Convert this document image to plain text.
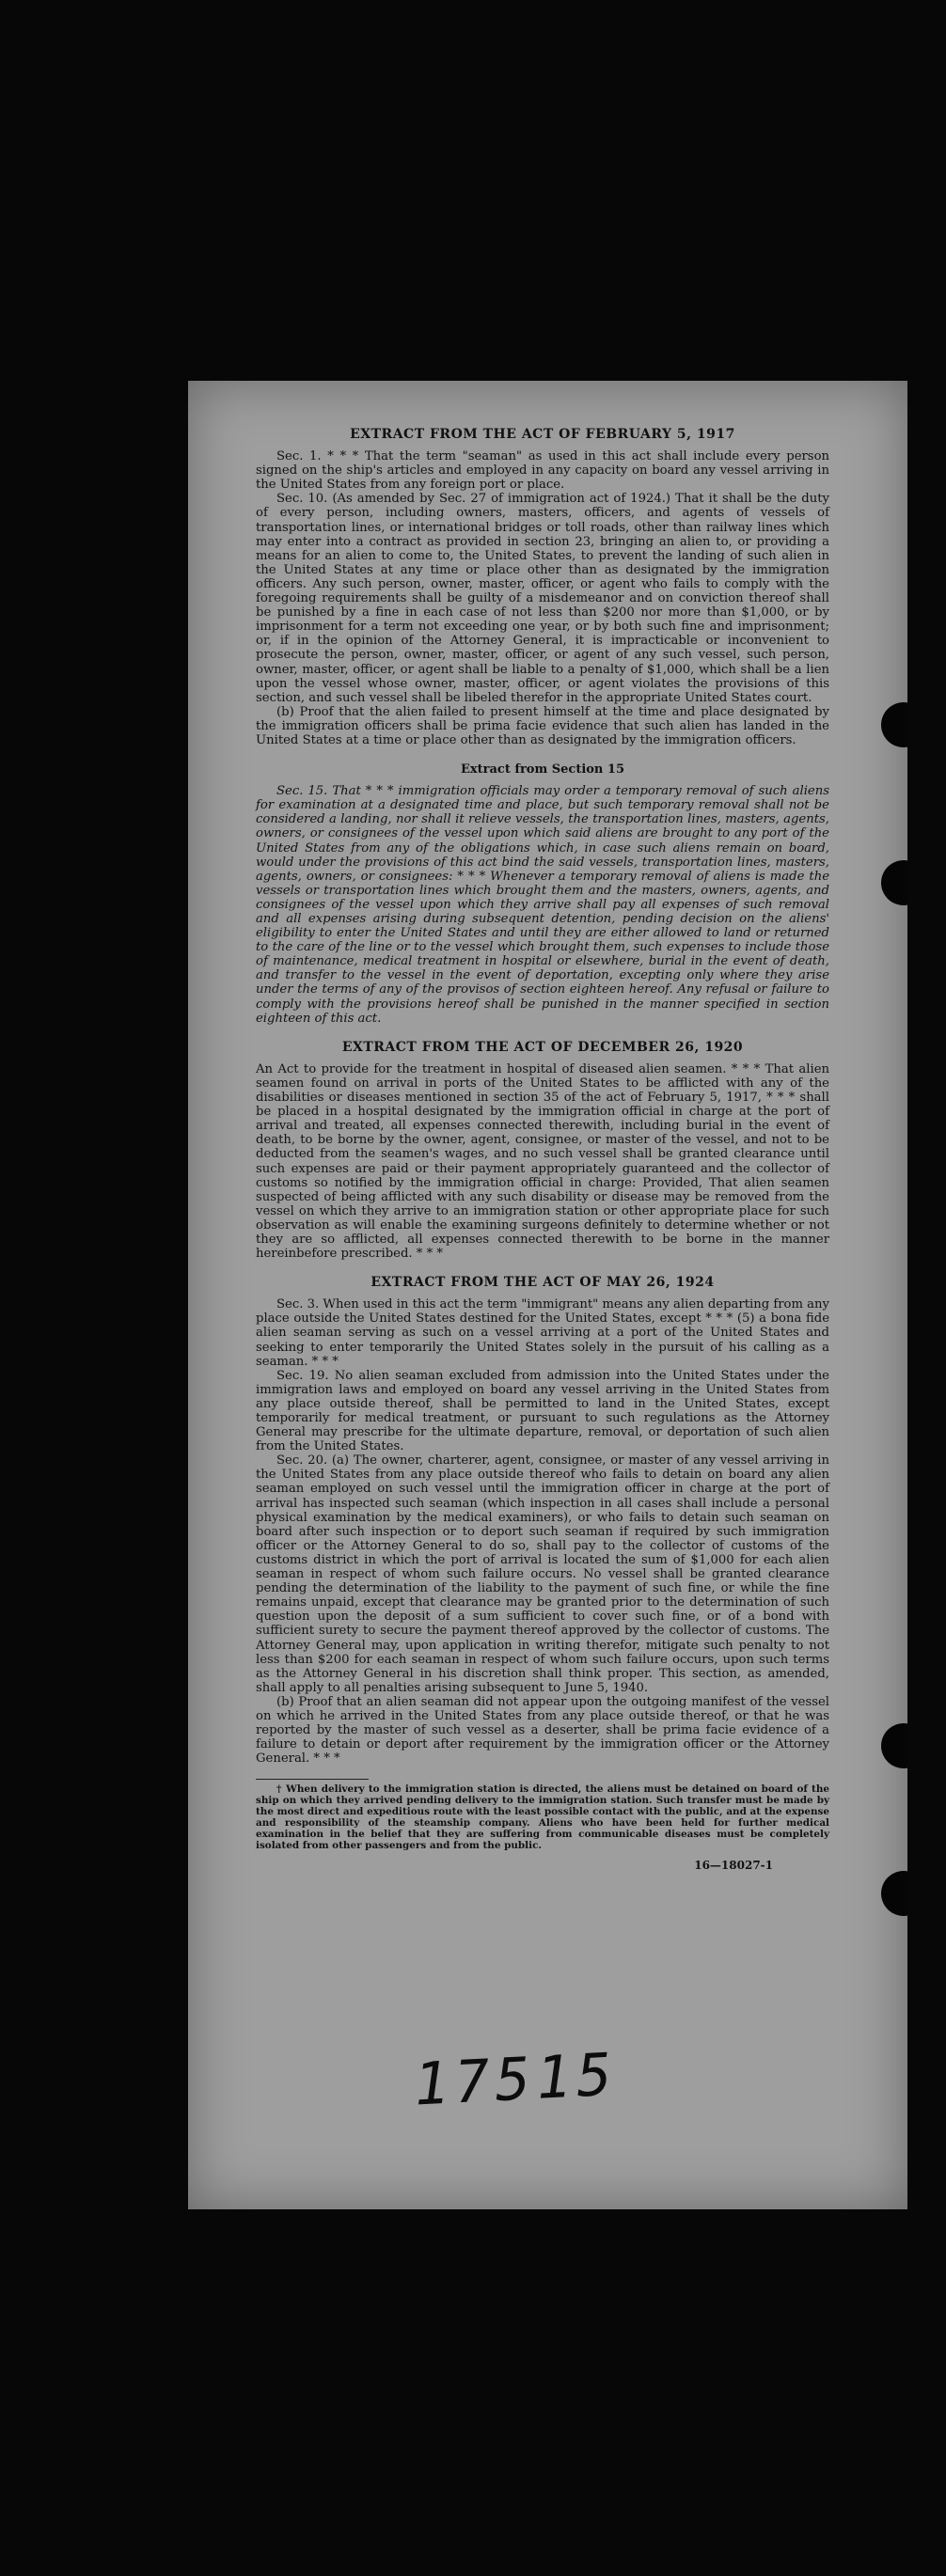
EXTRACT FROM THE ACT OF FEBRUARY 5, 1917

Sec. 1. * * * That the term "seaman" as used in this act shall include every person signed on the ship's articles and employed in any capacity on board any vessel arriving in the United States from any foreign port or place.

Sec. 10. (As amended by Sec. 27 of immigration act of 1924.) That it shall be the duty of every person, including owners, masters, officers, and agents of vessels of transportation lines, or international bridges or toll roads, other than railway lines which may enter into a contract as provided in section 23, bringing an alien to, or providing a means for an alien to come to, the United States, to prevent the landing of such alien in the United States at any time or place other than as designated by the immigration officers. Any such person, owner, master, officer, or agent who fails to comply with the foregoing requirements shall be guilty of a misdemeanor and on conviction thereof shall be punished by a fine in each case of not less than $200 nor more than $1,000, or by imprisonment for a term not exceeding one year, or by both such fine and imprisonment; or, if in the opinion of the Attorney General, it is impracticable or inconvenient to prosecute the person, owner, master, officer, or agent of any such vessel, such person, owner, master, officer, or agent shall be liable to a penalty of $1,000, which shall be a lien upon the vessel whose owner, master, officer, or agent violates the provisions of this section, and such vessel shall be libeled therefor in the appropriate United States court.

(b) Proof that the alien failed to present himself at the time and place designated by the immigration officers shall be prima facie evidence that such alien has landed in the United States at a time or place other than as designated by the immigration officers.

Extract from Section 15

Sec. 15. That * * * immigration officials may order a temporary removal of such aliens for examination at a designated time and place, but such temporary removal shall not be considered a landing, nor shall it relieve vessels, the transportation lines, masters, agents, owners, or consignees of the vessel upon which said aliens are brought to any port of the United States from any of the obligations which, in case such aliens remain on board, would under the provisions of this act bind the said vessels, transportation lines, masters, agents, owners, or consignees: * * * Whenever a temporary removal of aliens is made the vessels or transportation lines which brought them and the masters, owners, agents, and consignees of the vessel upon which they arrive shall pay all expenses of such removal and all expenses arising during subsequent detention, pending decision on the aliens' eligibility to enter the United States and until they are either allowed to land or returned to the care of the line or to the vessel which brought them, such expenses to include those of maintenance, medical treatment in hospital or elsewhere, burial in the event of death, and transfer to the vessel in the event of deportation, excepting only where they arise under the terms of any of the provisos of section eighteen hereof. Any refusal or failure to comply with the provisions hereof shall be punished in the manner specified in section eighteen of this act.

EXTRACT FROM THE ACT OF DECEMBER 26, 1920

An Act to provide for the treatment in hospital of diseased alien seamen. * * * That alien seamen found on arrival in ports of the United States to be afflicted with any of the disabilities or diseases mentioned in section 35 of the act of February 5, 1917, * * * shall be placed in a hospital designated by the immigration official in charge at the port of arrival and treated, all expenses connected therewith, including burial in the event of death, to be borne by the owner, agent, consignee, or master of the vessel, and not to be deducted from the seamen's wages, and no such vessel shall be granted clearance until such expenses are paid or their payment appropriately guaranteed and the collector of customs so notified by the immigration official in charge: Provided, That alien seamen suspected of being afflicted with any such disability or disease may be removed from the vessel on which they arrive to an immigration station or other appropriate place for such observation as will enable the examining surgeons definitely to determine whether or not they are so afflicted, all expenses connected therewith to be borne in the manner hereinbefore prescribed. * * *

EXTRACT FROM THE ACT OF MAY 26, 1924

Sec. 3. When used in this act the term "immigrant" means any alien departing from any place outside the United States destined for the United States, except * * * (5) a bona fide alien seaman serving as such on a vessel arriving at a port of the United States and seeking to enter temporarily the United States solely in the pursuit of his calling as a seaman. * * *

Sec. 19. No alien seaman excluded from admission into the United States under the immigration laws and employed on board any vessel arriving in the United States from any place outside thereof, shall be permitted to land in the United States, except temporarily for medical treatment, or pursuant to such regulations as the Attorney General may prescribe for the ultimate departure, removal, or deportation of such alien from the United States.

Sec. 20. (a) The owner, charterer, agent, consignee, or master of any vessel arriving in the United States from any place outside thereof who fails to detain on board any alien seaman employed on such vessel until the immigration officer in charge at the port of arrival has inspected such seaman (which inspection in all cases shall include a personal physical examination by the medical examiners), or who fails to detain such seaman on board after such inspection or to deport such seaman if required by such immigration officer or the Attorney General to do so, shall pay to the collector of customs of the customs district in which the port of arrival is located the sum of $1,000 for each alien seaman in respect of whom such failure occurs. No vessel shall be granted clearance pending the determination of the liability to the payment of such fine, or while the fine remains unpaid, except that clearance may be granted prior to the determination of such question upon the deposit of a sum sufficient to cover such fine, or of a bond with sufficient surety to secure the payment thereof approved by the collector of customs. The Attorney General may, upon application in writing therefor, mitigate such penalty to not less than $200 for each seaman in respect of whom such failure occurs, upon such terms as the Attorney General in his discretion shall think proper. This section, as amended, shall apply to all penalties arising subsequent to June 5, 1940.

(b) Proof that an alien seaman did not appear upon the outgoing manifest of the vessel on which he arrived in the United States from any place outside thereof, or that he was reported by the master of such vessel as a deserter, shall be prima facie evidence of a failure to detain or deport after requirement by the immigration officer or the Attorney General. * * *

† When delivery to the immigration station is directed, the aliens must be detained on board of the ship on which they arrived pending delivery to the immigration station. Such transfer must be made by the most direct and expeditious route with the least possible contact with the public, and at the expense and responsibility of the steamship company. Aliens who have been held for further medical examination in the belief that they are suffering from communicable diseases must be completely isolated from other passengers and from the public.

16—18027-1
17515
